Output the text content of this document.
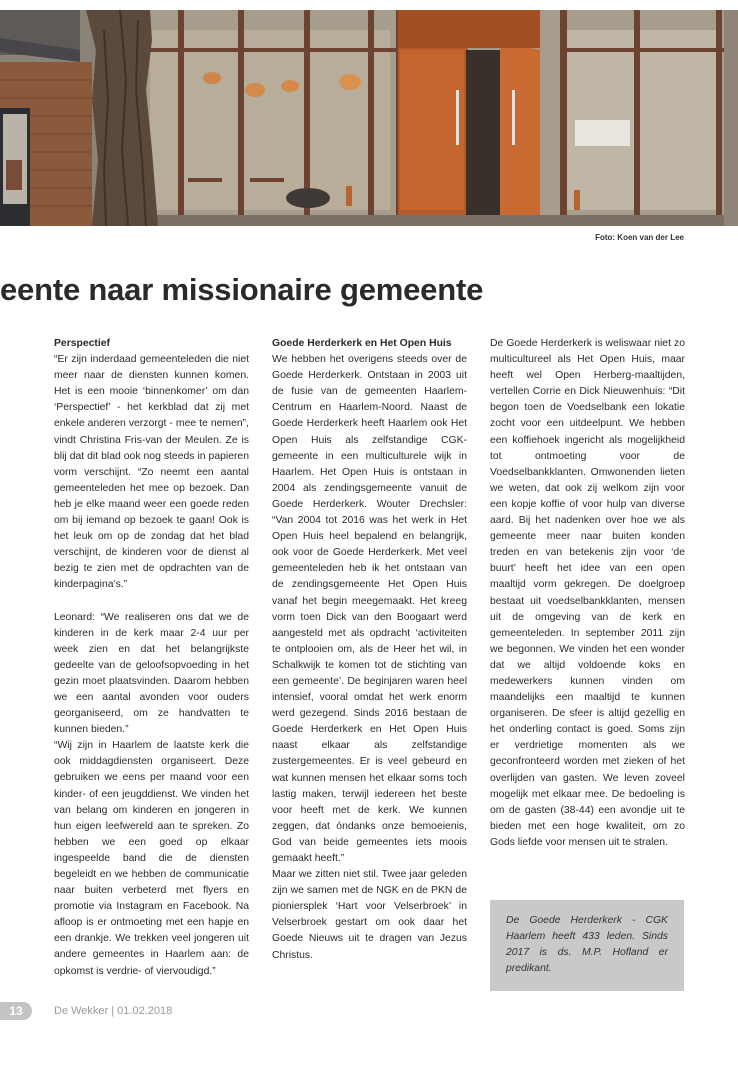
Foto: Koen van der Lee
eente naar missionaire gemeente
Perspectief

“Er zijn inderdaad gemeenteleden die niet meer naar de diensten kunnen komen. Het is een mooie ‘binnenkomer’ om dan ‘Perspectief’ - het kerkblad dat zij met enkele anderen verzorgt - mee te nemen”, vindt Christina Fris-van der Meulen. Ze is blij dat dit blad ook nog steeds in papieren vorm verschijnt. “Zo neemt een aantal gemeenteleden het mee op bezoek. Dan heb je elke maand weer een goede reden om bij iemand op bezoek te gaan! Ook is het leuk om op de zondag dat het blad verschijnt, de kinderen voor de dienst al bezig te zien met de opdrachten van de kinderpagina’s.”

Leonard: “We realiseren ons dat we de kinderen in de kerk maar 2-4 uur per week zien en dat het belangrijkste gedeelte van de geloofsopvoeding in het gezin moet plaatsvinden. Daarom hebben we een aantal avonden voor ouders georganiseerd, om ze handvatten te kunnen bieden.”

“Wij zijn in Haarlem de laatste kerk die ook middagdiensten organiseert. Deze gebruiken we eens per maand voor een kinder- of een jeugddienst. We vinden het van belang om kinderen en jongeren in hun eigen leefwereld aan te spreken. Zo hebben we een goed op elkaar ingespeelde band die de diensten begeleidt en we hebben de communicatie naar buiten verbeterd met flyers en promotie via Instagram en Facebook. Na afloop is er ontmoeting met een hapje en een drankje. We trekken veel jongeren uit andere gemeentes in Haarlem aan: de opkomst is verdrie- of viervoudigd.”

Goede Herderkerk en Het Open Huis

We hebben het overigens steeds over de Goede Herderkerk. Ontstaan in 2003 uit de fusie van de gemeenten Haarlem-Centrum en Haarlem-Noord. Naast de Goede Herderkerk heeft Haarlem ook Het Open Huis als zelfstandige CGK-gemeente in een multiculturele wijk in Haarlem. Het Open Huis is ontstaan in 2004 als zendingsgemeente vanuit de Goede Herderkerk. Wouter Drechsler: “Van 2004 tot 2016 was het werk in Het Open Huis heel bepalend en belangrijk, ook voor de Goede Herderkerk. Met veel gemeenteleden heb ik het ontstaan van de zendingsgemeente Het Open Huis vanaf het begin meegemaakt. Het kreeg vorm toen Dick van den Boogaart werd aangesteld met als opdracht ‘activiteiten te ontplooien om, als de Heer het wil, in Schalkwijk te komen tot de stichting van een gemeente’. De beginjaren waren heel intensief, vooral omdat het werk enorm werd gezegend. Sinds 2016 bestaan de Goede Herderkerk en Het Open Huis naast elkaar als zelfstandige zustergemeentes. Er is veel gebeurd en wat kunnen mensen het elkaar soms toch lastig maken, terwijl iedereen het beste voor heeft met de kerk. We kunnen zeggen, dat óndanks onze bemoeienis, God van beide gemeentes iets moois gemaakt heeft.”

Maar we zitten niet stil. Twee jaar geleden zijn we samen met de NGK en de PKN de pioniersplek ‘Hart voor Velserbroek’ in Velserbroek gestart om ook daar het Goede Nieuws uit te dragen van Jezus Christus.

De Goede Herderkerk is weliswaar niet zo multicultureel als Het Open Huis, maar heeft wel Open Herberg-maaltijden, vertellen Corrie en Dick Nieuwenhuis: “Dit begon toen de Voedselbank een lokatie zocht voor een uitdeelpunt. We hebben een koffiehoek ingericht als mogelijkheid tot ontmoeting voor de Voedselbankklanten. Omwonenden lieten we weten, dat ook zij welkom zijn voor een kopje koffie of voor hulp van diverse aard. Bij het nadenken over hoe we als gemeente meer naar buiten konden treden en van betekenis zijn voor ‘de buurt’ heeft het idee van een open maaltijd vorm gekregen. De doelgroep bestaat uit voedselbankklanten, mensen uit de omgeving van de kerk en gemeenteleden. In september 2011 zijn we begonnen. We vinden het een wonder dat we altijd voldoende koks en medewerkers kunnen vinden om maandelijks een maaltijd te kunnen organiseren. De sfeer is altijd gezellig en het onderling contact is goed. Soms zijn er verdrietige momenten als we geconfronteerd worden met zieken of het overlijden van gasten. We leven zoveel mogelijk met elkaar mee. De bedoeling is om de gasten (38-44) een avondje uit te bieden met een hoge kwaliteit, om zo Gods liefde voor mensen uit te stralen.

De Goede Herderkerk - CGK Haarlem heeft 433 leden. Sinds 2017 is ds. M.P. Hofland er predikant.

13	De Wekker | 01.02.2018
